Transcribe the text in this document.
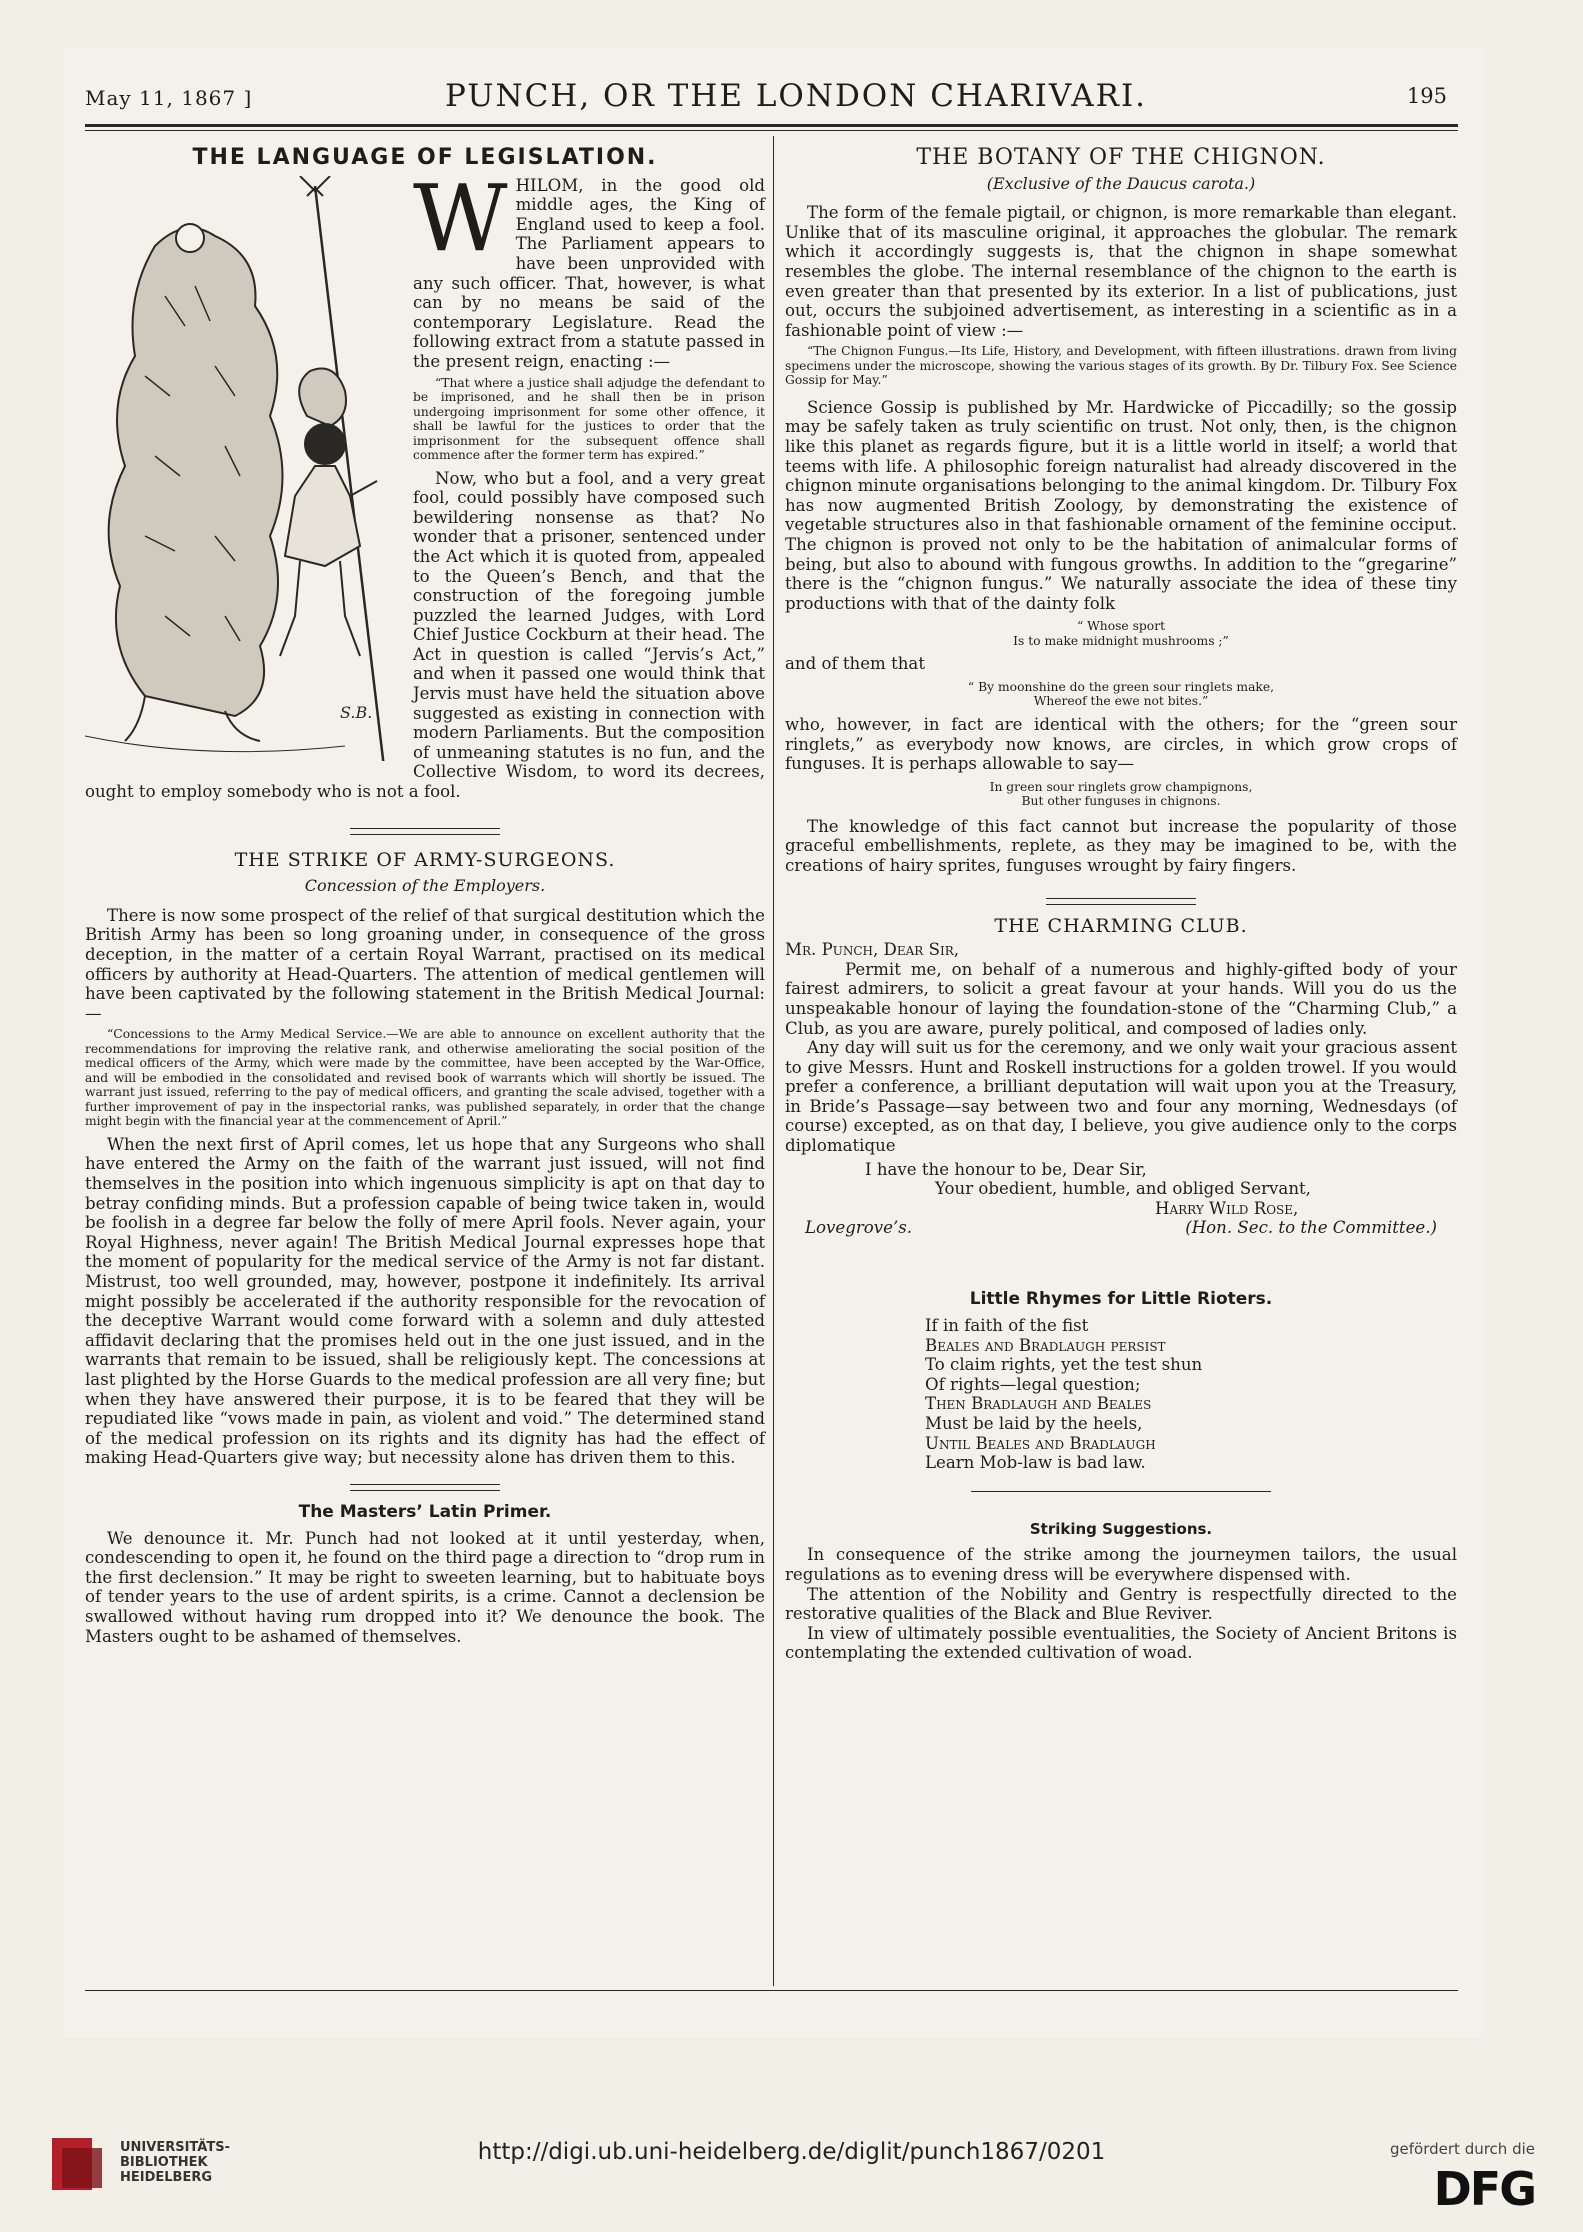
May 11, 1867 ]	PUNCH, OR THE LONDON CHARIVARI.	195
THE LANGUAGE OF LEGISLATION.
S.B.

WHILOM, in the good old middle ages, the King of England used to keep a fool. The Parliament appears to have been unprovided with any such officer. That, however, is what can by no means be said of the contemporary Legislature. Read the following extract from a statute passed in the present reign, enacting :—

“That where a justice shall adjudge the defendant to be imprisoned, and he shall then be in prison undergoing imprisonment for some other offence, it shall be lawful for the justices to order that the imprisonment for the subsequent offence shall commence after the former term has expired.”

Now, who but a fool, and a very great fool, could possibly have composed such bewildering nonsense as that? No wonder that a prisoner, sentenced under the Act which it is quoted from, appealed to the Queen’s Bench, and that the construction of the foregoing jumble puzzled the learned Judges, with Lord Chief Justice Cockburn at their head. The Act in question is called “Jervis’s Act,” and when it passed one would think that Jervis must have held the situation above suggested as existing in connection with modern Parliaments. But the composition of unmeaning statutes is no fun, and the Collective Wisdom, to word its decrees, ought to employ somebody who is not a fool.

THE STRIKE OF ARMY-SURGEONS.
Concession of the Employers.

There is now some prospect of the relief of that surgical destitution which the British Army has been so long groaning under, in consequence of the gross deception, in the matter of a certain Royal Warrant, practised on its medical officers by authority at Head-Quarters. The attention of medical gentlemen will have been captivated by the following statement in the British Medical Journal:—

“Concessions to the Army Medical Service.—We are able to announce on excellent authority that the recommendations for improving the relative rank, and otherwise ameliorating the social position of the medical officers of the Army, which were made by the committee, have been accepted by the War-Office, and will be embodied in the consolidated and revised book of warrants which will shortly be issued. The warrant just issued, referring to the pay of medical officers, and granting the scale advised, together with a further improvement of pay in the inspectorial ranks, was published separately, in order that the change might begin with the financial year at the commencement of April.”

When the next first of April comes, let us hope that any Surgeons who shall have entered the Army on the faith of the warrant just issued, will not find themselves in the position into which ingenuous simplicity is apt on that day to betray confiding minds. But a profession capable of being twice taken in, would be foolish in a degree far below the folly of mere April fools. Never again, your Royal Highness, never again! The British Medical Journal expresses hope that the moment of popularity for the medical service of the Army is not far distant. Mistrust, too well grounded, may, however, postpone it indefinitely. Its arrival might possibly be accelerated if the authority responsible for the revocation of the deceptive Warrant would come forward with a solemn and duly attested affidavit declaring that the promises held out in the one just issued, and in the warrants that remain to be issued, shall be religiously kept. The concessions at last plighted by the Horse Guards to the medical profession are all very fine; but when they have answered their purpose, it is to be feared that they will be repudiated like “vows made in pain, as violent and void.” The determined stand of the medical profession on its rights and its dignity has had the effect of making Head-Quarters give way; but necessity alone has driven them to this.

The Masters’ Latin Primer.

We denounce it. Mr. Punch had not looked at it until yesterday, when, condescending to open it, he found on the third page a direction to “drop rum in the first declension.” It may be right to sweeten learning, but to habituate boys of tender years to the use of ardent spirits, is a crime. Cannot a declension be swallowed without having rum dropped into it? We denounce the book. The Masters ought to be ashamed of themselves.

THE BOTANY OF THE CHIGNON.
(Exclusive of the Daucus carota.)

The form of the female pigtail, or chignon, is more remarkable than elegant. Unlike that of its masculine original, it approaches the globular. The remark which it accordingly suggests is, that the chignon in shape somewhat resembles the globe. The internal resemblance of the chignon to the earth is even greater than that presented by its exterior. In a list of publications, just out, occurs the subjoined advertisement, as interesting in a scientific as in a fashionable point of view :—

“The Chignon Fungus.—Its Life, History, and Development, with fifteen illustrations. drawn from living specimens under the microscope, showing the various stages of its growth. By Dr. Tilbury Fox. See Science Gossip for May.”

Science Gossip is published by Mr. Hardwicke of Piccadilly; so the gossip may be safely taken as truly scientific on trust. Not only, then, is the chignon like this planet as regards figure, but it is a little world in itself; a world that teems with life. A philosophic foreign naturalist had already discovered in the chignon minute organisations belonging to the animal kingdom. Dr. Tilbury Fox has now augmented British Zoology, by demonstrating the existence of vegetable structures also in that fashionable ornament of the feminine occiput. The chignon is proved not only to be the habitation of animalcular forms of being, but also to abound with fungous growths. In addition to the “gregarine” there is the “chignon fungus.” We naturally associate the idea of these tiny productions with that of the dainty folk

“ Whose sport
Is to make midnight mushrooms ;”

and of them that

“ By moonshine do the green sour ringlets make,
Whereof the ewe not bites.”

who, however, in fact are identical with the others; for the “green sour ringlets,” as everybody now knows, are circles, in which grow crops of funguses. It is perhaps allowable to say—

In green sour ringlets grow champignons,
But other funguses in chignons.

The knowledge of this fact cannot but increase the popularity of those graceful embellishments, replete, as they may be imagined to be, with the creations of hairy sprites, funguses wrought by fairy fingers.

THE CHARMING CLUB.

Mr. Punch, Dear Sir,

Permit me, on behalf of a numerous and highly-gifted body of your fairest admirers, to solicit a great favour at your hands. Will you do us the unspeakable honour of laying the foundation-stone of the “Charming Club,” a Club, as you are aware, purely political, and composed of ladies only.

Any day will suit us for the ceremony, and we only wait your gracious assent to give Messrs. Hunt and Roskell instructions for a golden trowel. If you would prefer a conference, a brilliant deputation will wait upon you at the Treasury, in Bride’s Passage—say between two and four any morning, Wednesdays (of course) excepted, as on that day, I believe, you give audience only to the corps diplomatique

I have the honour to be, Dear Sir,
Your obedient, humble, and obliged Servant,
Harry Wild Rose,
Lovegrove’s.	(Hon. Sec. to the Committee.)
Little Rhymes for Little Rioters.
If in faith of the fist
Beales and Bradlaugh persist
To claim rights, yet the test shun
Of rights—legal question;
Then Bradlaugh and Beales
Must be laid by the heels,
Until Beales and Bradlaugh
Learn Mob-law is bad law.
Striking Suggestions.

In consequence of the strike among the journeymen tailors, the usual regulations as to evening dress will be everywhere dispensed with.

The attention of the Nobility and Gentry is respectfully directed to the restorative qualities of the Black and Blue Reviver.

In view of ultimately possible eventualities, the Society of Ancient Britons is contemplating the extended cultivation of woad.

UNIVERSITÄTS-
BIBLIOTHEK
HEIDELBERG
http://digi.ub.uni-heidelberg.de/diglit/punch1867/0201	gefördert durch die
DFG
